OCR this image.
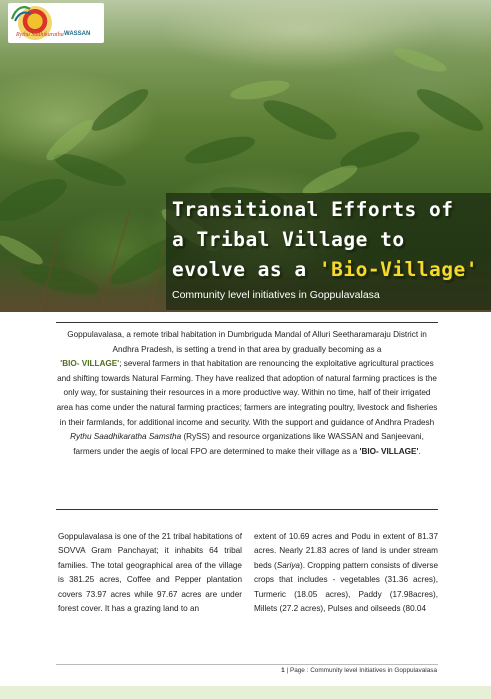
Rythu Sadhikaratha WASSAN
Transitional Efforts of
a Tribal Village to
evolve as a 'Bio-Village'
Community level initiatives in Goppulavalasa
Goppulavalasa, a remote tribal habitation in Dumbriguda Mandal of Alluri Seetharamaraju District in Andhra Pradesh, is setting a trend in that area by gradually becoming as a
'BIO- VILLAGE'; several farmers in that habitation are renouncing the exploitative agricultural practices and shifting towards Natural Farming. They have realized that adoption of natural farming practices is the only way, for sustaining their resources in a more productive way. Within no time, half of their irrigated area has come under the natural farming practices; farmers are integrating poultry, livestock and fisheries in their farmlands, for additional income and security. With the support and guidance of Andhra Pradesh Rythu Saadhikaratha Samstha (RySS) and resource organizations like WASSAN and Sanjeevani, farmers under the aegis of local FPO are determined to make their village as a 'BIO- VILLAGE'.
Goppulavalasa is one of the 21 tribal habitations of SOVVA Gram Panchayat; it inhabits 64 tribal families. The total geographical area of the village is 381.25 acres, Coffee and Pepper plantation covers 73.97 acres while 97.67 acres are under forest cover. It has a grazing land to an
extent of 10.69 acres and Podu in extent of 81.37 acres. Nearly 21.83 acres of land is under stream beds (Sariya). Cropping pattern consists of diverse crops that includes - vegetables (31.36 acres), Turmeric (18.05 acres), Paddy (17.98acres), Millets (27.2 acres), Pulses and oilseeds (80.04
1 | Page : Community level Initiatives in Goppulavalasa
